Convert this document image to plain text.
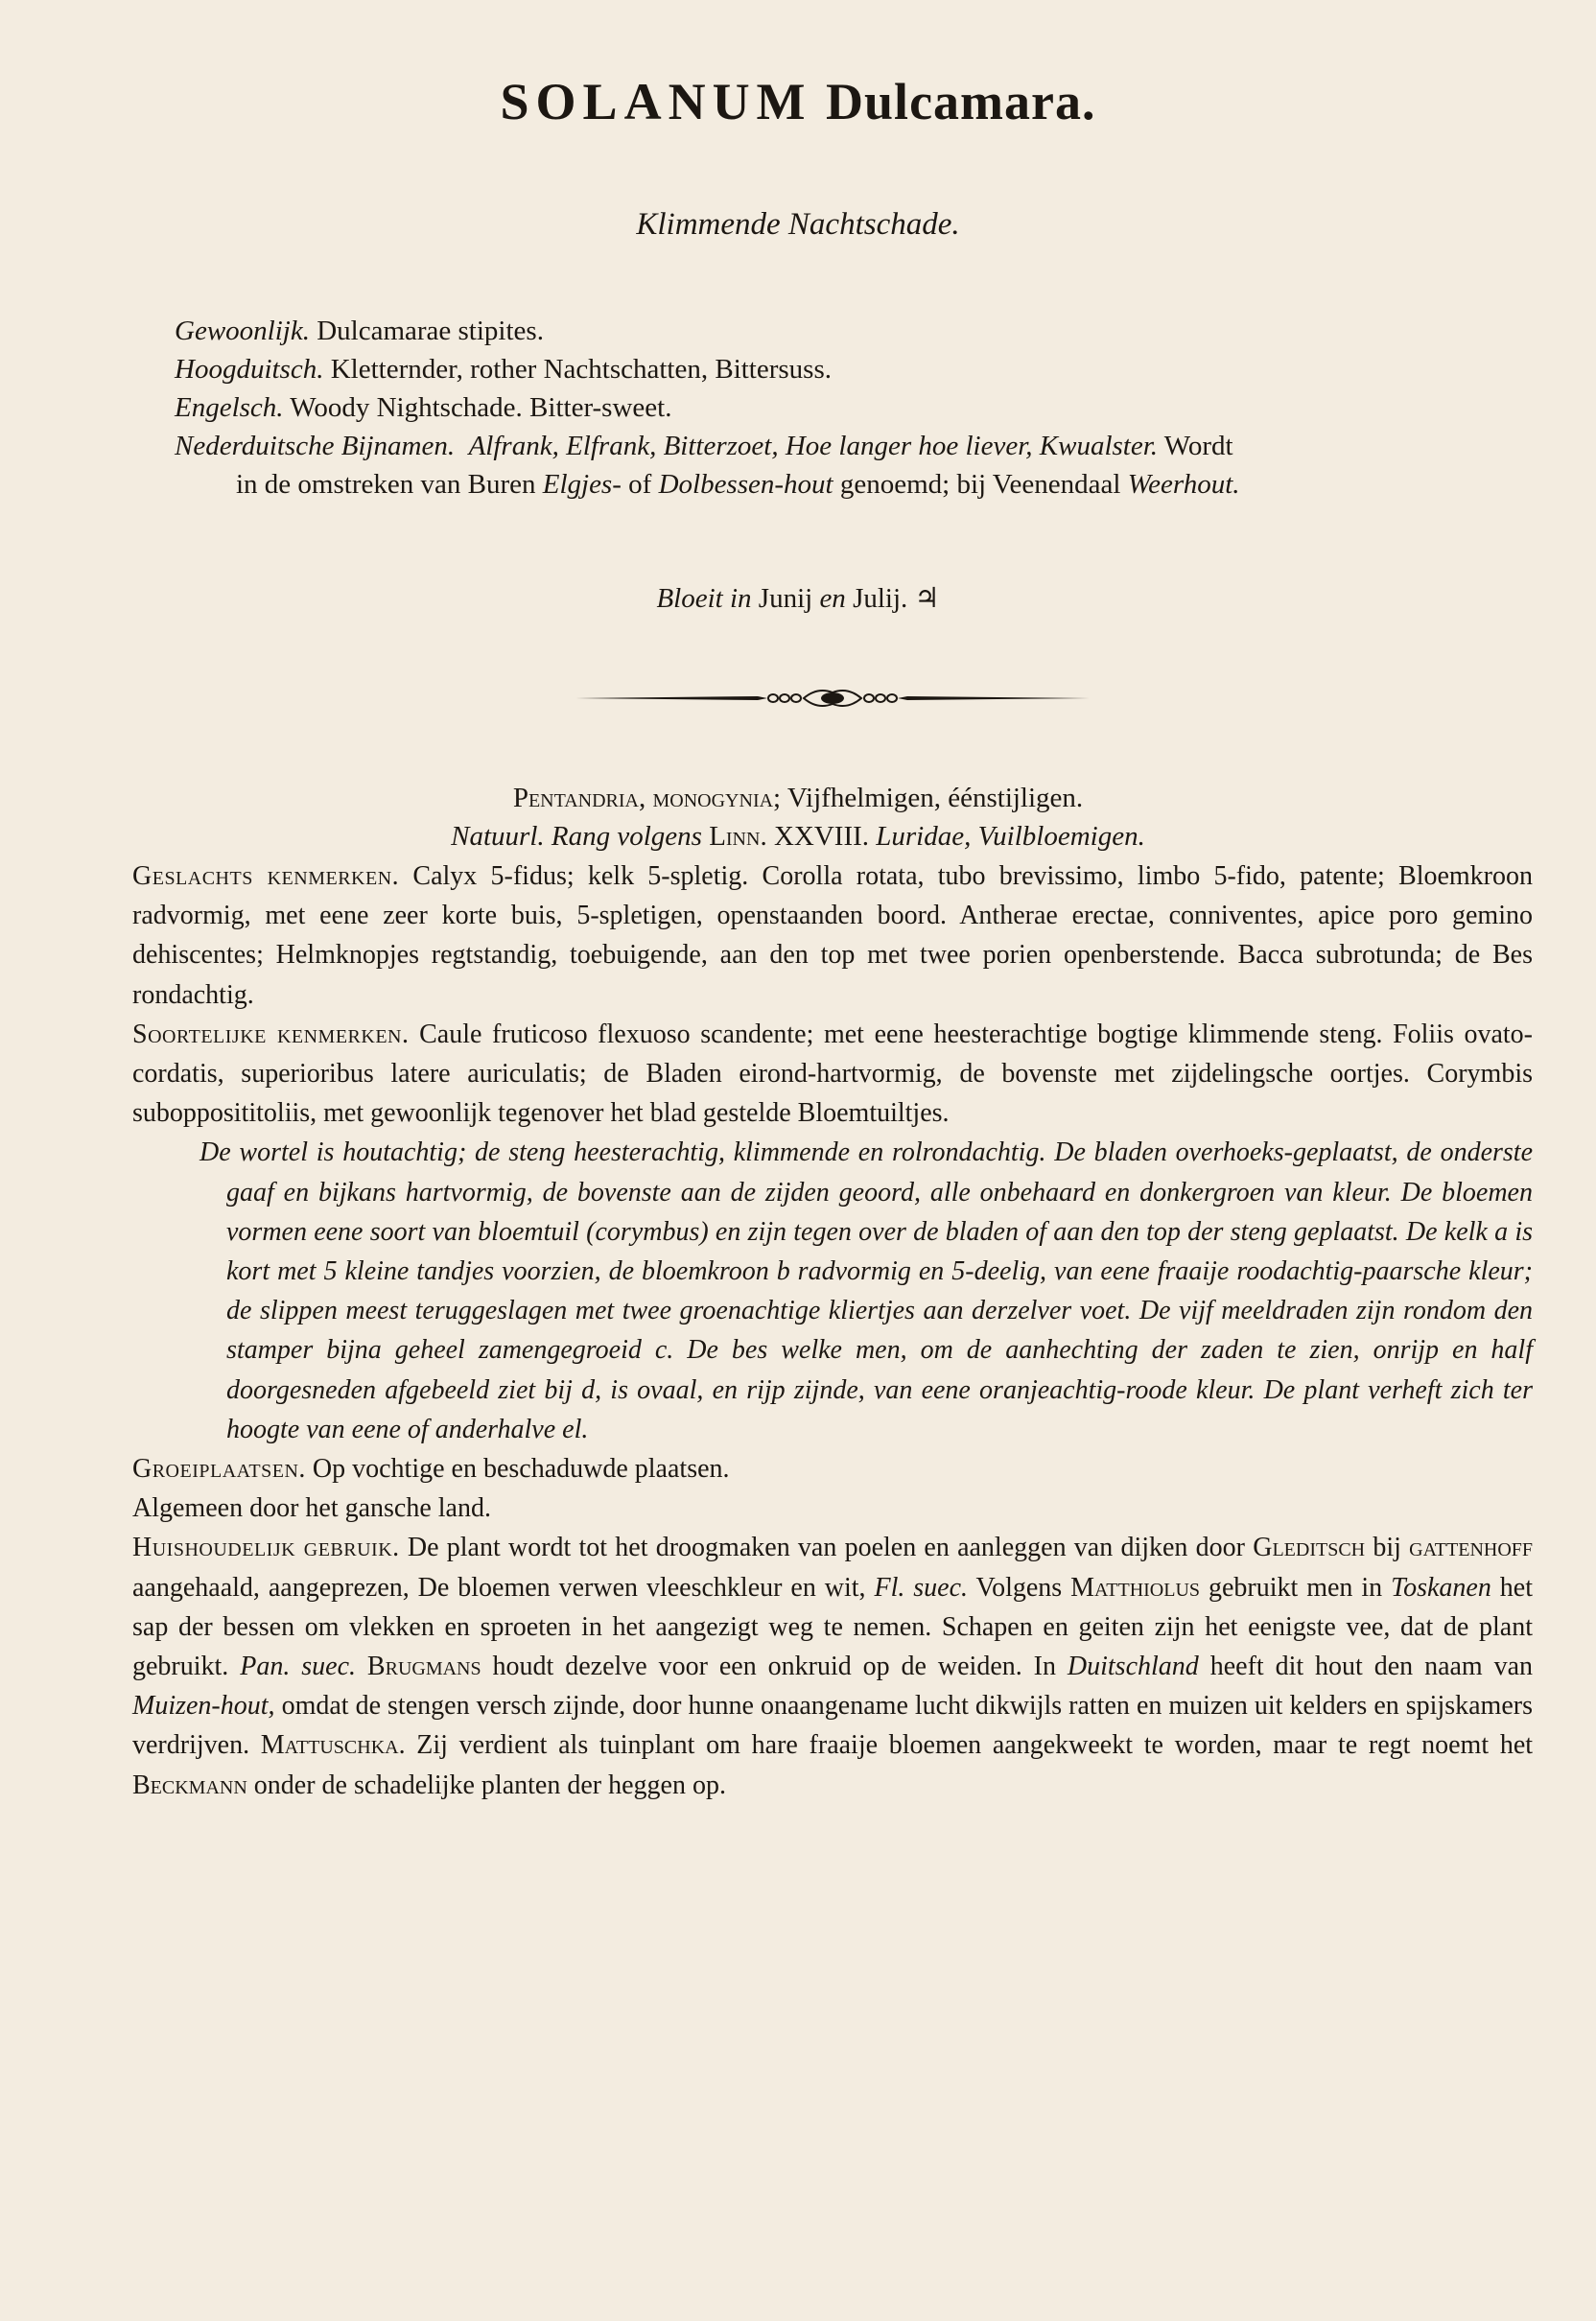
SOLANUM Dulcamara.
Klimmende Nachtschade.
Gewoonlijk. Dulcamarae stipites.
Hoogduitsch. Kletternder, rother Nachtschatten, Bittersuss.
Engelsch. Woody Nightschade. Bitter-sweet.
Nederduitsche Bijnamen. Alfrank, Elfrank, Bitterzoet, Hoe langer hoe liever, Kwualster. Wordt
in de omstreken van Buren Elgjes- of Dolbessen-hout genoemd; bij Veenendaal Weerhout.
Bloeit in Junij en Julij. ♃
Pentandria, monogynia; Vijfhelmigen, éénstijligen.
Natuurl. Rang volgens Linn. XXVIII. Luridae, Vuilbloemigen.

Geslachts kenmerken. Calyx 5-fidus; kelk 5-spletig. Corolla rotata, tubo brevissimo, limbo 5-fido, patente; Bloemkroon radvormig, met eene zeer korte buis, 5-spletigen, openstaanden boord. Antherae erectae, conniventes, apice poro gemino dehiscentes; Helmknopjes regtstandig, toebuigende, aan den top met twee porien openberstende. Bacca subrotunda; de Bes rondachtig.

Soortelijke kenmerken. Caule fruticoso flexuoso scandente; met eene heesterachtige bogtige klimmende steng. Foliis ovato-cordatis, superioribus latere auriculatis; de Bladen eirond-hartvormig, de bovenste met zijdelingsche oortjes. Corymbis subopposititoliis, met gewoonlijk tegenover het blad gestelde Bloemtuiltjes.

De wortel is houtachtig; de steng heesterachtig, klimmende en rolrondachtig. De bladen overhoeks-geplaatst, de onderste gaaf en bijkans hartvormig, de bovenste aan de zijden geoord, alle onbehaard en donkergroen van kleur. De bloemen vormen eene soort van bloemtuil (corymbus) en zijn tegen over de bladen of aan den top der steng geplaatst. De kelk a is kort met 5 kleine tandjes voorzien, de bloemkroon b radvormig en 5-deelig, van eene fraaije roodachtig-paarsche kleur; de slippen meest teruggeslagen met twee groenachtige kliertjes aan derzelver voet. De vijf meeldraden zijn rondom den stamper bijna geheel zamengegroeid c. De bes welke men, om de aanhechting der zaden te zien, onrijp en half doorgesneden afgebeeld ziet bij d, is ovaal, en rijp zijnde, van eene oranjeachtig-roode kleur. De plant verheft zich ter hoogte van eene of anderhalve el.

Groeiplaatsen. Op vochtige en beschaduwde plaatsen.

Algemeen door het gansche land.

Huishoudelijk gebruik. De plant wordt tot het droogmaken van poelen en aanleggen van dijken door Gleditsch bij gattenhoff aangehaald, aangeprezen, De bloemen verwen vleeschkleur en wit, Fl. suec. Volgens Matthiolus gebruikt men in Toskanen het sap der bessen om vlekken en sproeten in het aangezigt weg te nemen. Schapen en geiten zijn het eenigste vee, dat de plant gebruikt. Pan. suec. Brugmans houdt dezelve voor een onkruid op de weiden. In Duitschland heeft dit hout den naam van Muizen-hout, omdat de stengen versch zijnde, door hunne onaangename lucht dikwijls ratten en muizen uit kelders en spijskamers verdrijven. Mattuschka. Zij verdient als tuinplant om hare fraaije bloemen aangekweekt te worden, maar te regt noemt het Beckmann onder de schadelijke planten der heggen op.
